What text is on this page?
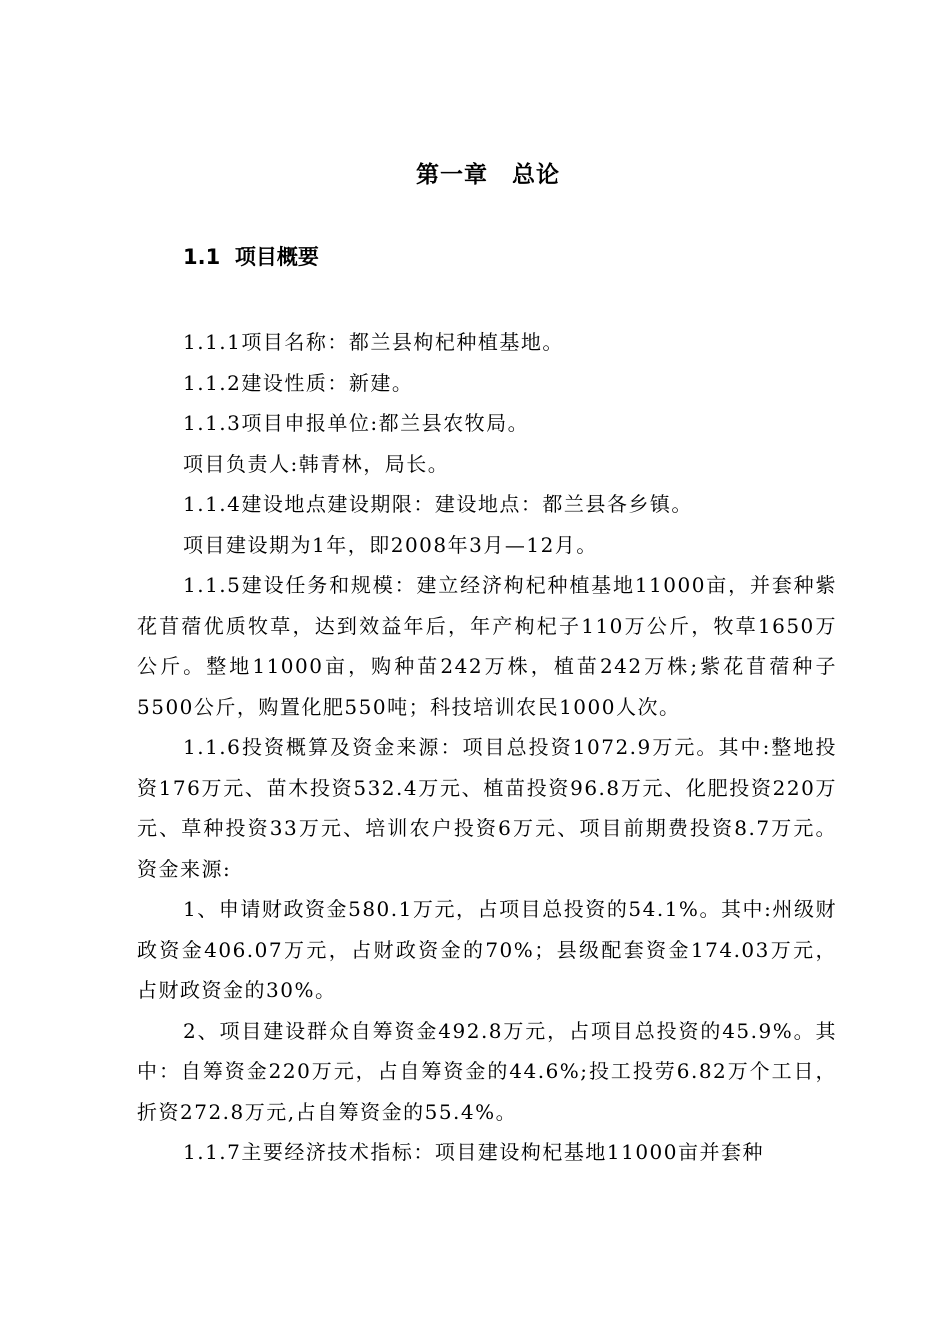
第一章　总论
1.1  项目概要

1.1.1项目名称：都兰县枸杞种植基地。

1.1.2建设性质：新建。

1.1.3项目申报单位:都兰县农牧局。

项目负责人:韩青林，局长。

1.1.4建设地点建设期限：建设地点：都兰县各乡镇。

项目建设期为1年，即2008年3月—12月。

1.1.5建设任务和规模：建立经济枸杞种植基地11000亩，并套种紫花苜蓿优质牧草，达到效益年后，年产枸杞子110万公斤，牧草1650万公斤。整地11000亩，购种苗242万株，植苗242万株;紫花苜蓿种子5500公斤，购置化肥550吨；科技培训农民1000人次。

1.1.6投资概算及资金来源：项目总投资1072.9万元。其中:整地投资176万元、苗木投资532.4万元、植苗投资96.8万元、化肥投资220万元、草种投资33万元、培训农户投资6万元、项目前期费投资8.7万元。资金来源:

1、申请财政资金580.1万元，占项目总投资的54.1%。其中:州级财政资金406.07万元，占财政资金的70%；县级配套资金174.03万元，占财政资金的30%。

2、项目建设群众自筹资金492.8万元，占项目总投资的45.9%。其中：自筹资金220万元，占自筹资金的44.6%;投工投劳6.82万个工日，折资272.8万元,占自筹资金的55.4%。

1.1.7主要经济技术指标：项目建设枸杞基地11000亩并套种
